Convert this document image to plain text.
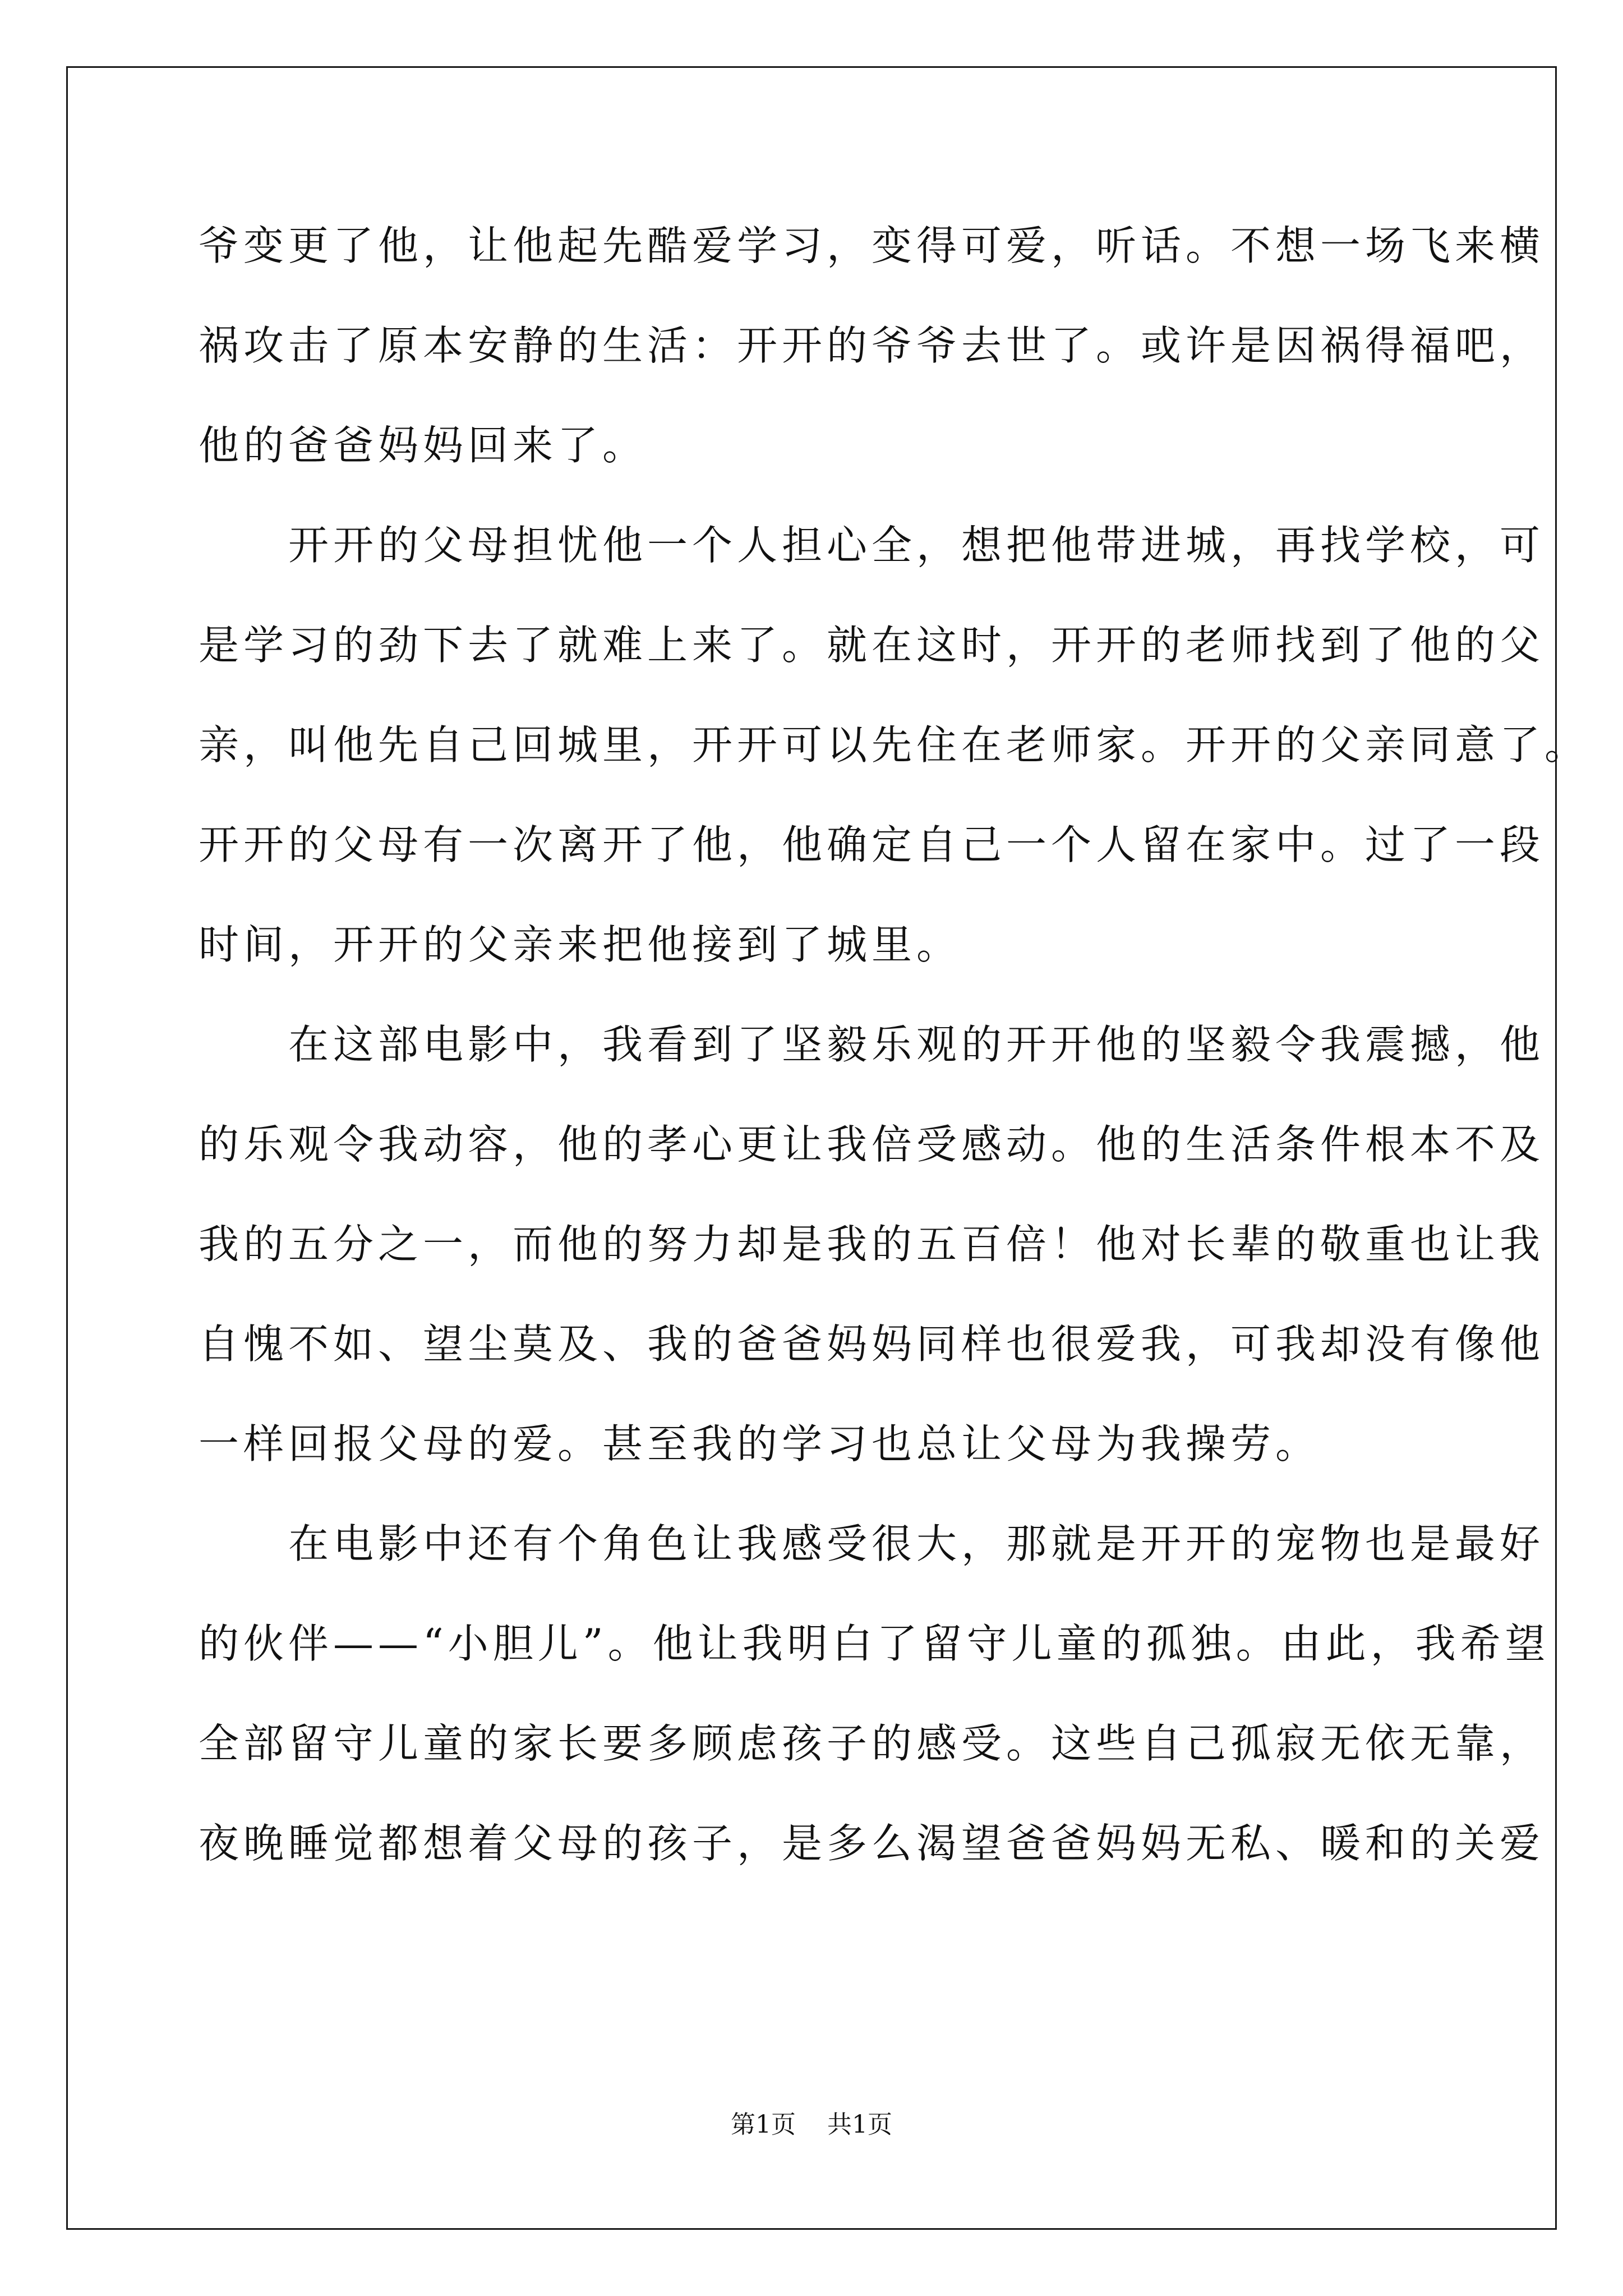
爷变更了他，让他起先酷爱学习，变得可爱，听话。不想一场飞来横
祸攻击了原本安静的生活：开开的爷爷去世了。或许是因祸得福吧，
他的爸爸妈妈回来了。
　　开开的父母担忧他一个人担心全，想把他带进城，再找学校，可
是学习的劲下去了就难上来了。就在这时，开开的老师找到了他的父
亲，叫他先自己回城里，开开可以先住在老师家。开开的父亲同意了。
开开的父母有一次离开了他，他确定自己一个人留在家中。过了一段
时间，开开的父亲来把他接到了城里。
　　在这部电影中，我看到了坚毅乐观的开开他的坚毅令我震撼，他
的乐观令我动容，他的孝心更让我倍受感动。他的生活条件根本不及
我的五分之一，而他的努力却是我的五百倍！他对长辈的敬重也让我
自愧不如、望尘莫及、我的爸爸妈妈同样也很爱我，可我却没有像他
一样回报父母的爱。甚至我的学习也总让父母为我操劳。
　　在电影中还有个角色让我感受很大，那就是开开的宠物也是最好
的伙伴——“小胆儿”。他让我明白了留守儿童的孤独。由此，我希望
全部留守儿童的家长要多顾虑孩子的感受。这些自己孤寂无依无靠，
夜晚睡觉都想着父母的孩子，是多么渴望爸爸妈妈无私、暖和的关爱
第1页 共1页
